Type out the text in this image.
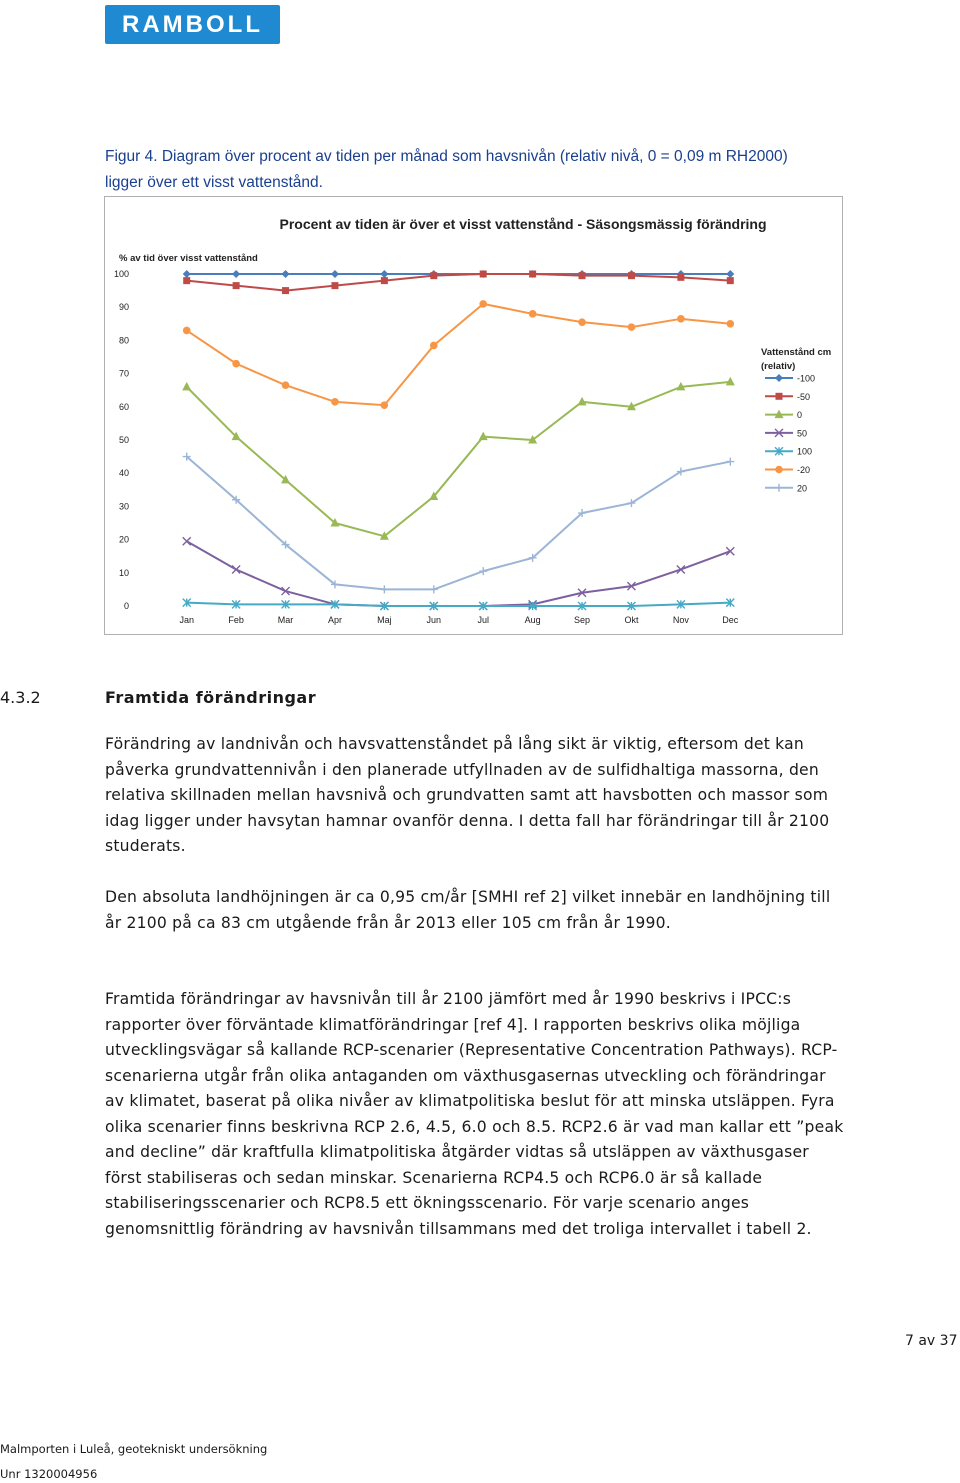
RAMBOLL
Figur 4. Diagram över procent av tiden per månad som havsnivån (relativ nivå, 0 = 0,09 m RH2000) ligger över ett visst vattenstånd.
Procent av tiden är över et visst vattenstånd - Säsongsmässig förändring
% av tid över visst vattenstånd
0
10
20
30
40
50
60
70
80
90
100
Jan	Feb	Mar	Apr	Maj	Jun	Jul	Aug	Sep	Okt	Nov	Dec
Vattenstånd cm (relativ)
-100
-50
0
50
100
-20
20
4.3.2	Framtida förändringar

Förändring av landnivån och havsvattenståndet på lång sikt är viktig, eftersom det kan påverka grundvattennivån i den planerade utfyllnaden av de sulfidhaltiga massorna, den relativa skillnaden mellan havsnivå och grundvatten samt att havsbotten och massor som idag ligger under havsytan hamnar ovanför denna. I detta fall har förändringar till år 2100 studerats.

Den absoluta landhöjningen är ca 0,95 cm/år [SMHI ref 2] vilket innebär en landhöjning till år 2100 på ca 83 cm utgående från år 2013 eller 105 cm från år 1990.

Framtida förändringar av havsnivån till år 2100 jämfört med år 1990 beskrivs i IPCC:s rapporter över förväntade klimatförändringar [ref 4]. I rapporten beskrivs olika möjliga utvecklingsvägar så kallande RCP-scenarier (Representative Concentration Pathways). RCP-scenarierna utgår från olika antaganden om växthusgasernas utveckling och förändringar av klimatet, baserat på olika nivåer av klimatpolitiska beslut för att minska utsläppen. Fyra olika scenarier finns beskrivna RCP 2.6, 4.5, 6.0 och 8.5. RCP2.6 är vad man kallar ett ”peak and decline” där kraftfulla klimatpolitiska åtgärder vidtas så utsläppen av växthusgaser först stabiliseras och sedan minskar. Scenarierna RCP4.5 och RCP6.0 är så kallade stabiliseringsscenarier och RCP8.5 ett ökningsscenario. För varje scenario anges genomsnittlig förändring av havsnivån tillsammans med det troliga intervallet i tabell 2.

7 av 37
Malmporten i Luleå, geotekniskt undersökning
Unr 1320004956
